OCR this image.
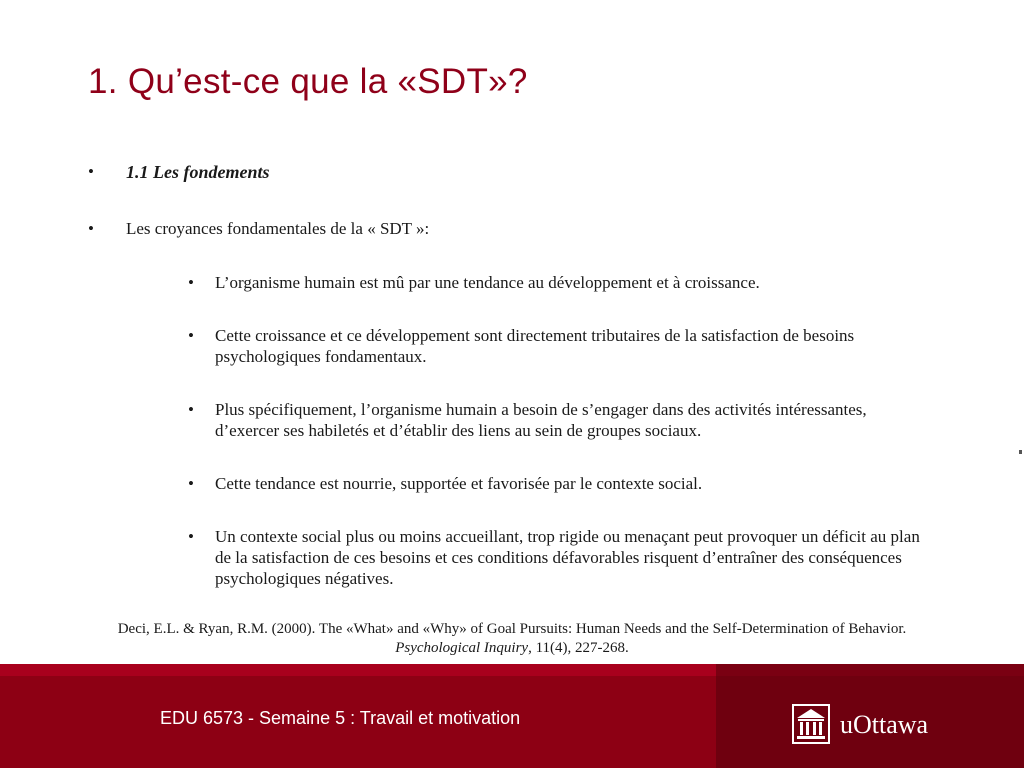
1. Qu’est-ce que la «SDT»?
• 1.1 Les fondements
• Les croyances fondamentales de la « SDT »:
• L’organisme humain est mû par une tendance au développement et à croissance.
• Cette croissance et ce développement sont directement tributaires de la satisfaction de besoins psychologiques fondamentaux.
• Plus spécifiquement, l’organisme humain a besoin de s’engager dans des activités intéressantes, d’exercer ses habiletés et d’établir des liens au sein de groupes sociaux.
• Cette tendance est nourrie, supportée et favorisée par le contexte social.
• Un contexte social plus ou moins accueillant, trop rigide ou menaçant peut provoquer un déficit au plan de la satisfaction de ces besoins et ces conditions défavorables risquent d’entraîner des conséquences psychologiques négatives.
Deci, E.L. & Ryan, R.M. (2000). The «What» and «Why» of Goal Pursuits: Human Needs and the Self-Determination of Behavior. Psychological Inquiry, 11(4), 227-268.
EDU 6573 - Semaine 5 : Travail et motivation	uOttawa
